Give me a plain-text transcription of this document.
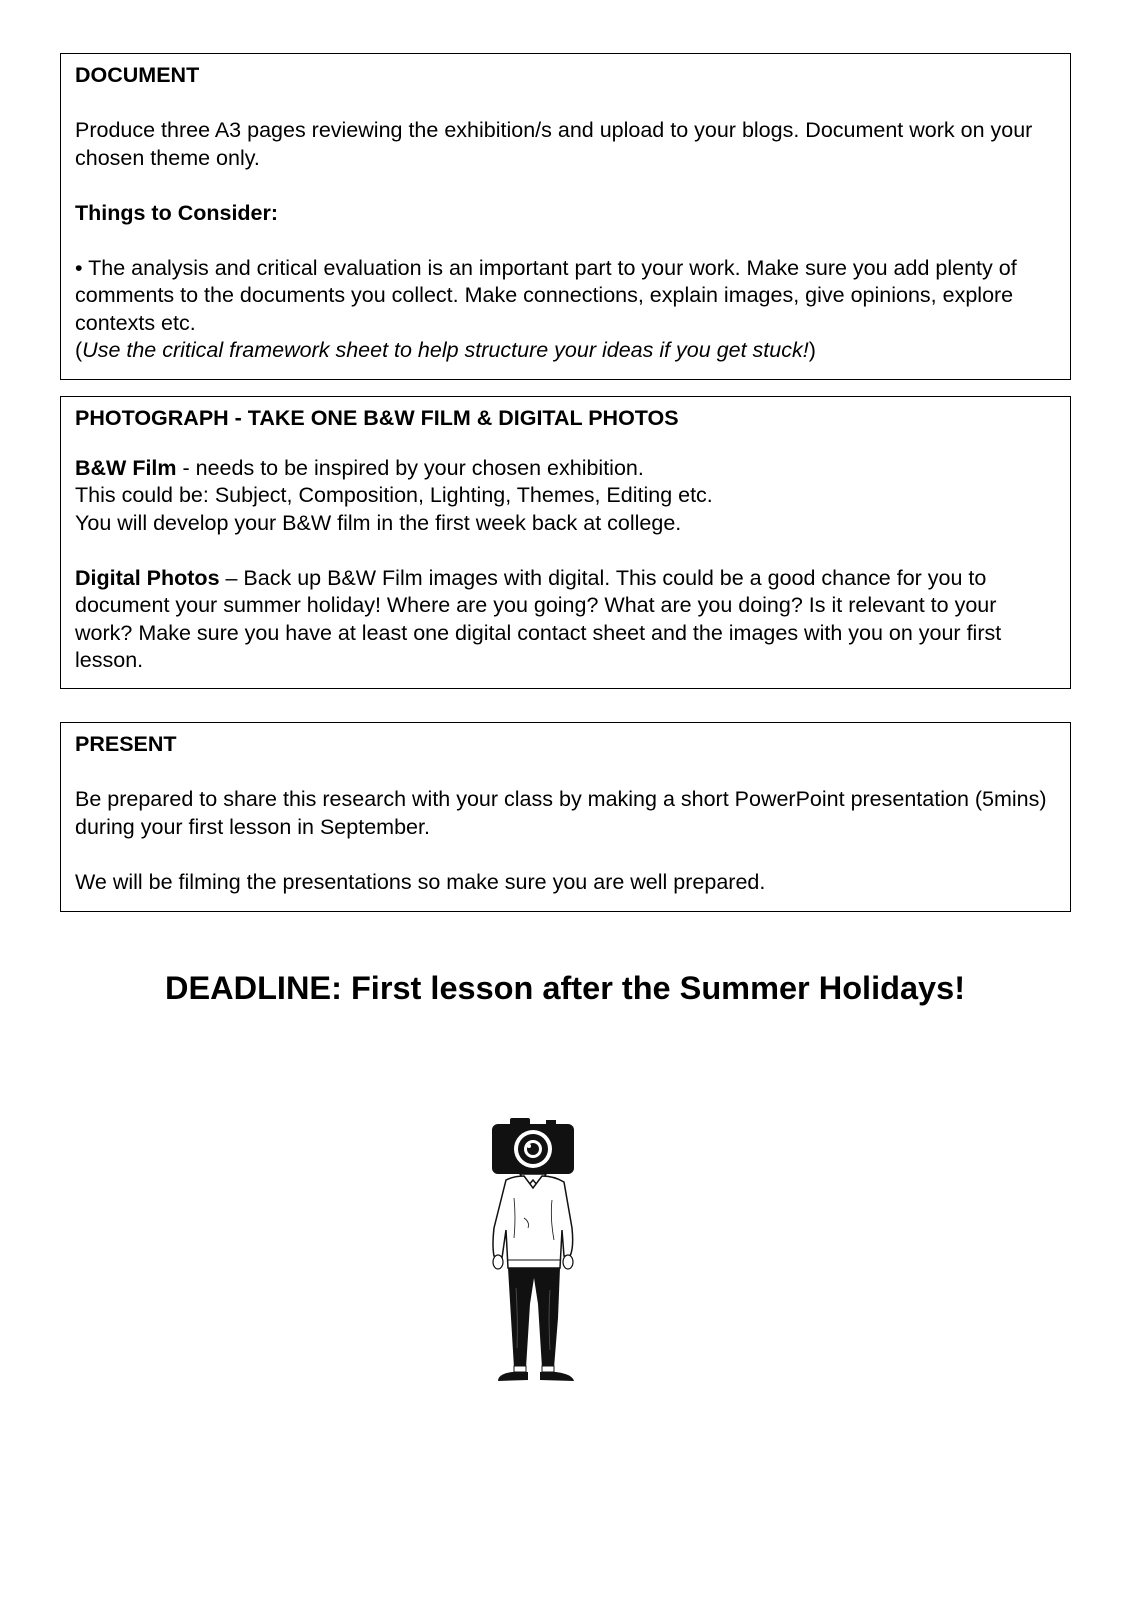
DOCUMENT

Produce three A3 pages reviewing the exhibition/s and upload to your blogs. Document work on your chosen theme only.

Things to Consider:

• The analysis and critical evaluation is an important part to your work. Make sure you add plenty of comments to the documents you collect. Make connections, explain images, give opinions, explore contexts etc.

(Use the critical framework sheet to help structure your ideas if you get stuck!)

PHOTOGRAPH - TAKE ONE B&W FILM & DIGITAL PHOTOS

B&W Film - needs to be inspired by your chosen exhibition.

This could be: Subject, Composition, Lighting, Themes, Editing etc.

You will develop your B&W film in the first week back at college.

Digital Photos – Back up B&W Film images with digital. This could be a good chance for you to document your summer holiday! Where are you going? What are you doing? Is it relevant to your work? Make sure you have at least one digital contact sheet and the images with you on your first lesson.

PRESENT

Be prepared to share this research with your class by making a short PowerPoint presentation (5mins) during your first lesson in September.

We will be filming the presentations so make sure you are well prepared.

DEADLINE: First lesson after the Summer Holidays!
